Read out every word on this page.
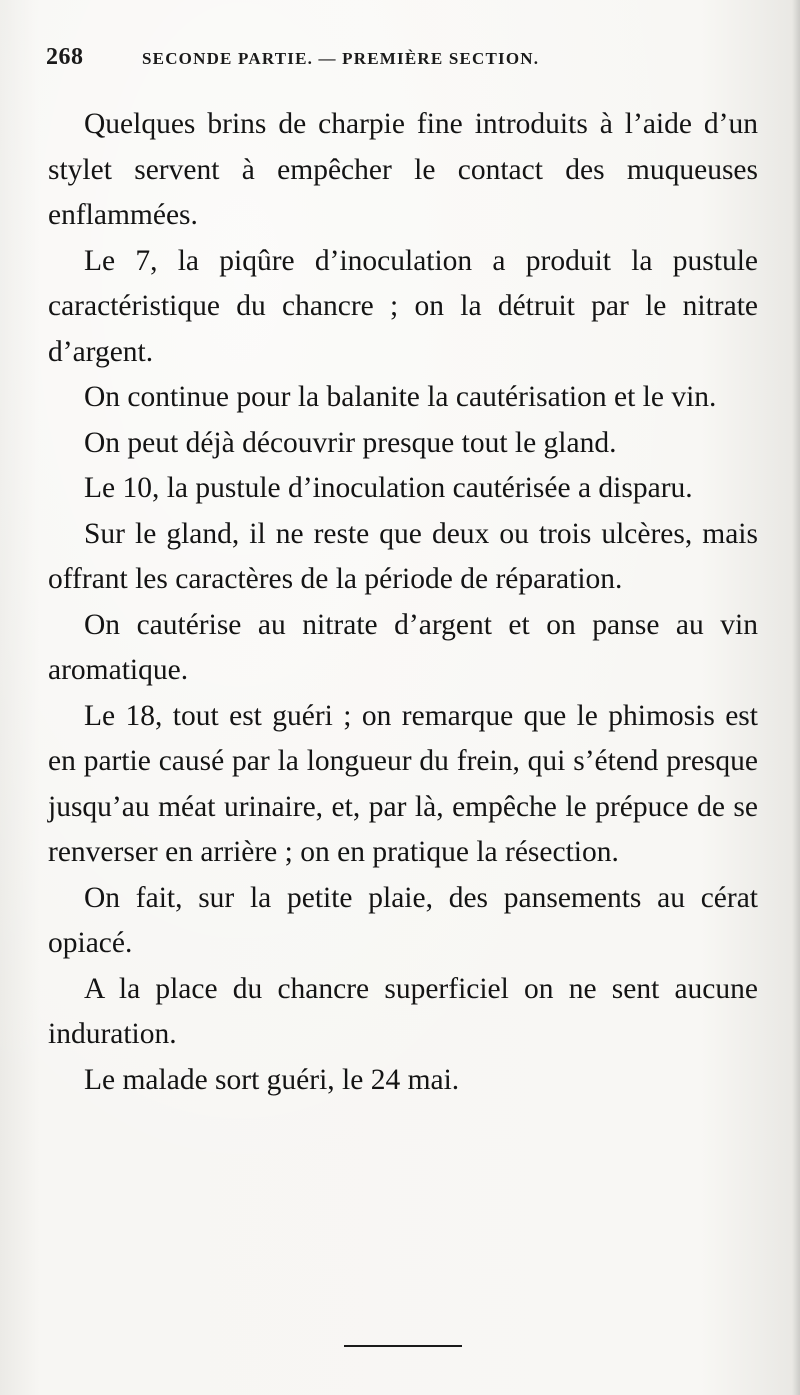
268	SECONDE PARTIE. — PREMIÈRE SECTION.

Quelques brins de charpie fine introduits à l’aide d’un stylet servent à empêcher le contact des muqueuses enflammées.

Le 7, la piqûre d’inoculation a produit la pustule caractéristique du chancre ; on la détruit par le nitrate d’argent.

On continue pour la balanite la cautérisation et le vin.

On peut déjà découvrir presque tout le gland.

Le 10, la pustule d’inoculation cautérisée a disparu.

Sur le gland, il ne reste que deux ou trois ulcères, mais offrant les caractères de la période de réparation.

On cautérise au nitrate d’argent et on panse au vin aromatique.

Le 18, tout est guéri ; on remarque que le phimosis est en partie causé par la longueur du frein, qui s’étend presque jusqu’au méat urinaire, et, par là, empêche le prépuce de se renverser en arrière ; on en pratique la résection.

On fait, sur la petite plaie, des pansements au cérat opiacé.

A la place du chancre superficiel on ne sent aucune induration.

Le malade sort guéri, le 24 mai.
